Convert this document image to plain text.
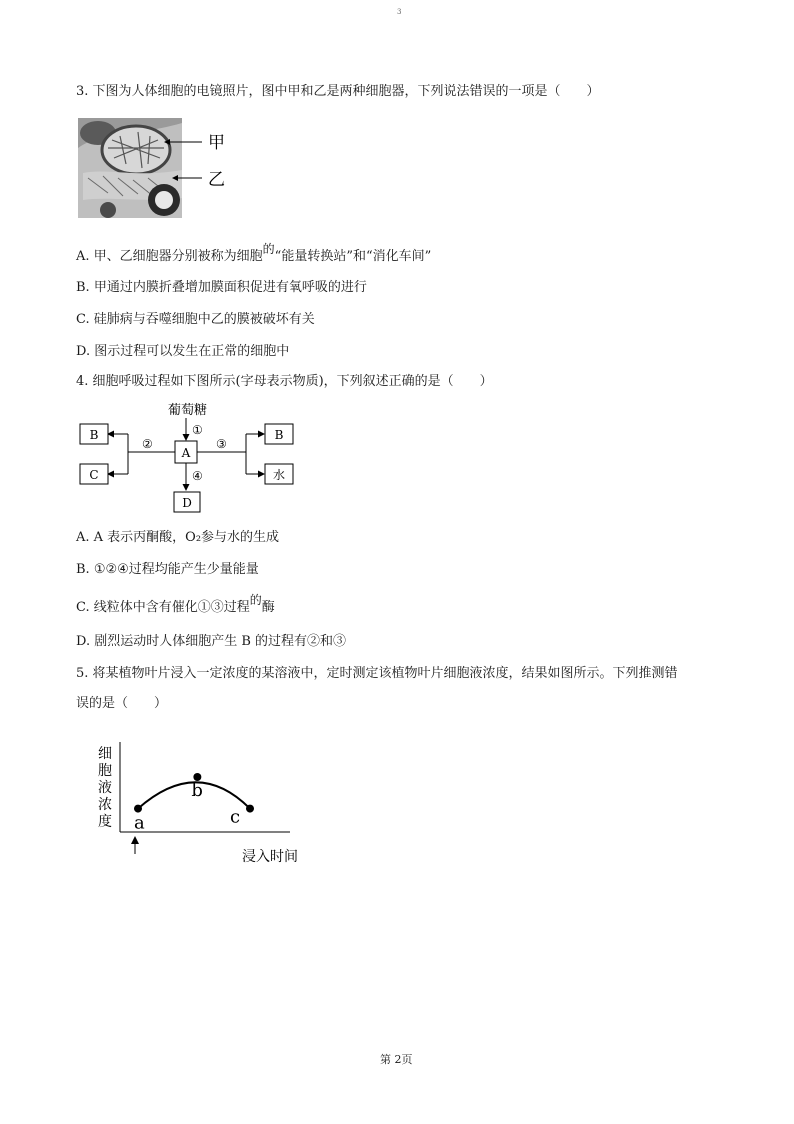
3
3. 下图为人体细胞的电镜照片，图中甲和乙是两种细胞器，下列说法错误的一项是（　　）
甲
乙
A. 甲、乙细胞器分别被称为细胞的“能量转换站”和“消化车间”
B. 甲通过内膜折叠增加膜面积促进有氧呼吸的进行
C. 硅肺病与吞噬细胞中乙的膜被破坏有关
D. 图示过程可以发生在正常的细胞中
4. 细胞呼吸过程如下图所示(字母表示物质)，下列叙述正确的是（　　）
葡萄糖
①
A
②
B
C
③
B
水
④
D
A. A 表示丙酮酸，O₂参与水的生成
B. ①②④过程均能产生少量能量
C. 线粒体中含有催化①③过程的酶
D. 剧烈运动时人体细胞产生 B 的过程有②和③
5. 将某植物叶片浸入一定浓度的某溶液中，定时测定该植物叶片细胞液浓度，结果如图所示。下列推测错
误的是（　　）
细
胞
液
浓
度 a
b
c
浸入时间
第 2页
